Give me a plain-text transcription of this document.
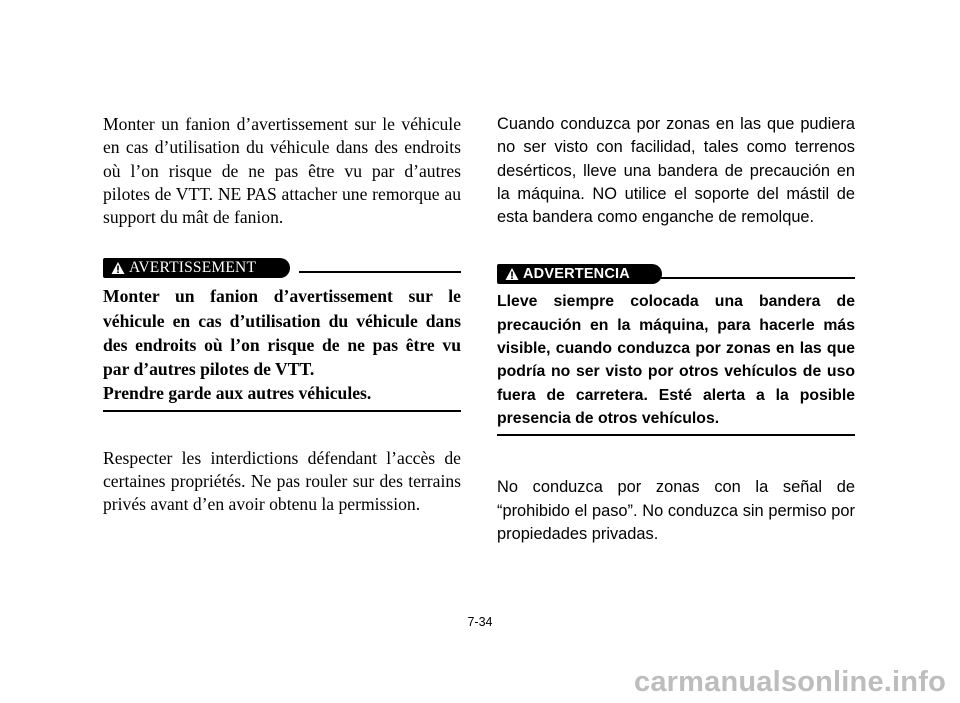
Monter un fanion d’avertissement sur le véhicule en cas d’utilisation du véhicule dans des endroits où l’on risque de ne pas être vu par d’autres pilotes de VTT. NE PAS attacher une remorque au support du mât de fanion.

AVERTISSEMENT

Monter un fanion d’avertissement sur le véhicule en cas d’utilisation du véhicule dans des endroits où l’on risque de ne pas être vu par d’autres pilotes de VTT.

Prendre garde aux autres véhicules.

Respecter les interdictions défendant l’accès de certaines propriétés. Ne pas rouler sur des terrains privés avant d’en avoir obtenu la permission.

Cuando conduzca por zonas en las que pudiera no ser visto con facilidad, tales como terrenos desérticos, lleve una bandera de precaución en la máquina. NO utilice el soporte del mástil de esta bandera como enganche de remolque.

ADVERTENCIA

Lleve siempre colocada una bandera de precaución en la máquina, para hacerle más visible, cuando conduzca por zonas en las que podría no ser visto por otros vehículos de uso fuera de carretera. Esté alerta a la posible presencia de otros vehículos.

No conduzca por zonas con la señal de “prohibido el paso”. No conduzca sin permiso por propiedades privadas.

7-34
carmanualsonline.info
